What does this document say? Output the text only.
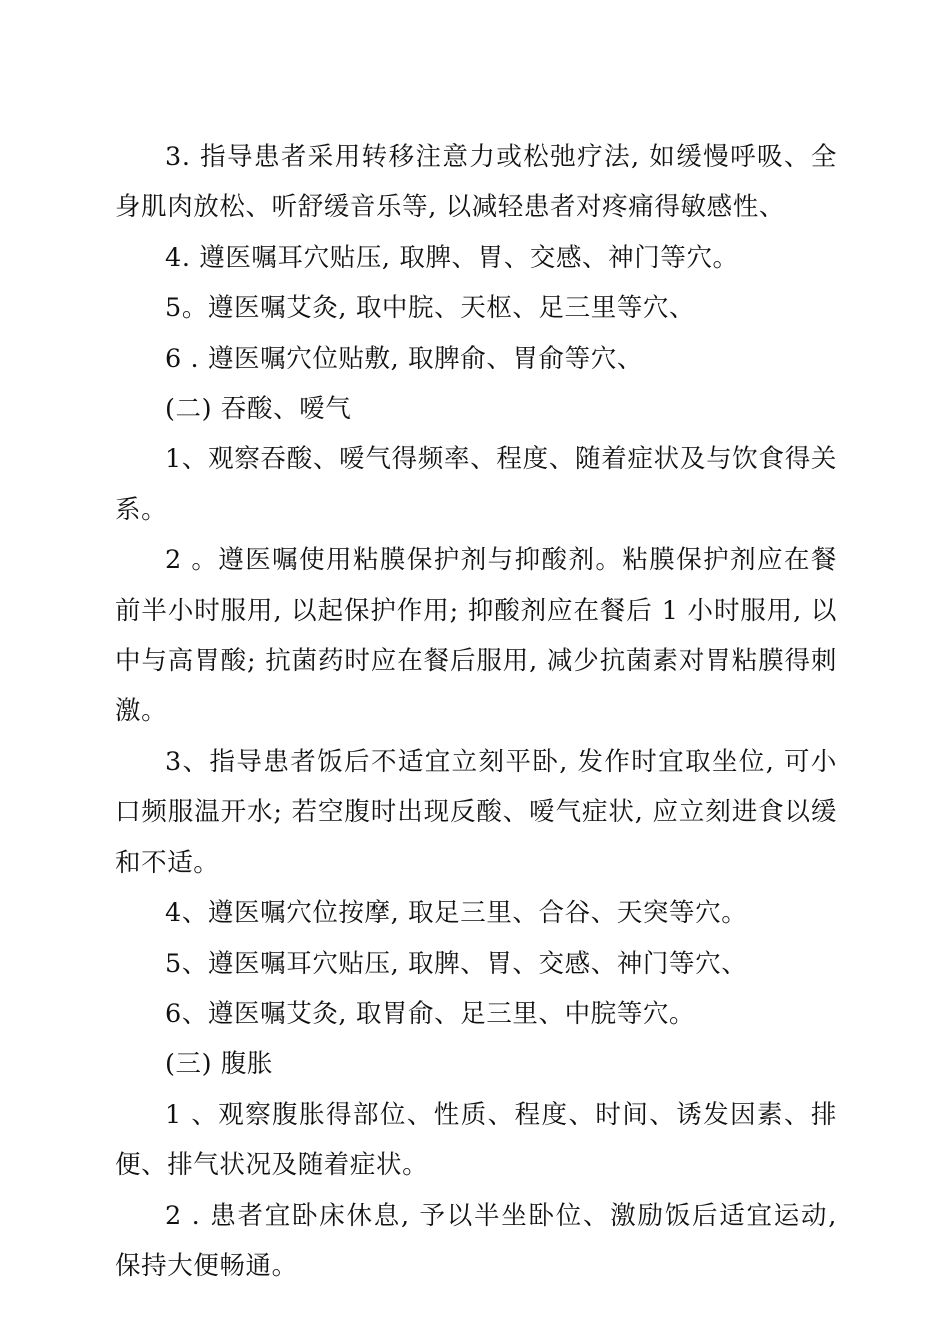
3. 指导患者采用转移注意力或松弛疗法, 如缓慢呼吸、全身肌肉放松、听舒缓音乐等, 以减轻患者对疼痛得敏感性、

4. 遵医嘱耳穴贴压, 取脾、胃、交感、神门等穴。

5。遵医嘱艾灸, 取中脘、天枢、足三里等穴、

6 . 遵医嘱穴位贴敷, 取脾俞、胃俞等穴、

(二) 吞酸、嗳气

1、观察吞酸、嗳气得频率、程度、随着症状及与饮食得关系。

2 。遵医嘱使用粘膜保护剂与抑酸剂。粘膜保护剂应在餐前半小时服用, 以起保护作用; 抑酸剂应在餐后 1 小时服用, 以中与高胃酸; 抗菌药时应在餐后服用, 减少抗菌素对胃粘膜得刺激。

3、指导患者饭后不适宜立刻平卧, 发作时宜取坐位, 可小口频服温开水; 若空腹时出现反酸、嗳气症状, 应立刻进食以缓和不适。

4、遵医嘱穴位按摩, 取足三里、合谷、天突等穴。

5、遵医嘱耳穴贴压, 取脾、胃、交感、神门等穴、

6、遵医嘱艾灸, 取胃俞、足三里、中脘等穴。

(三) 腹胀

1 、观察腹胀得部位、性质、程度、时间、诱发因素、排便、排气状况及随着症状。

2 . 患者宜卧床休息, 予以半坐卧位、激励饭后适宜运动, 保持大便畅通。
